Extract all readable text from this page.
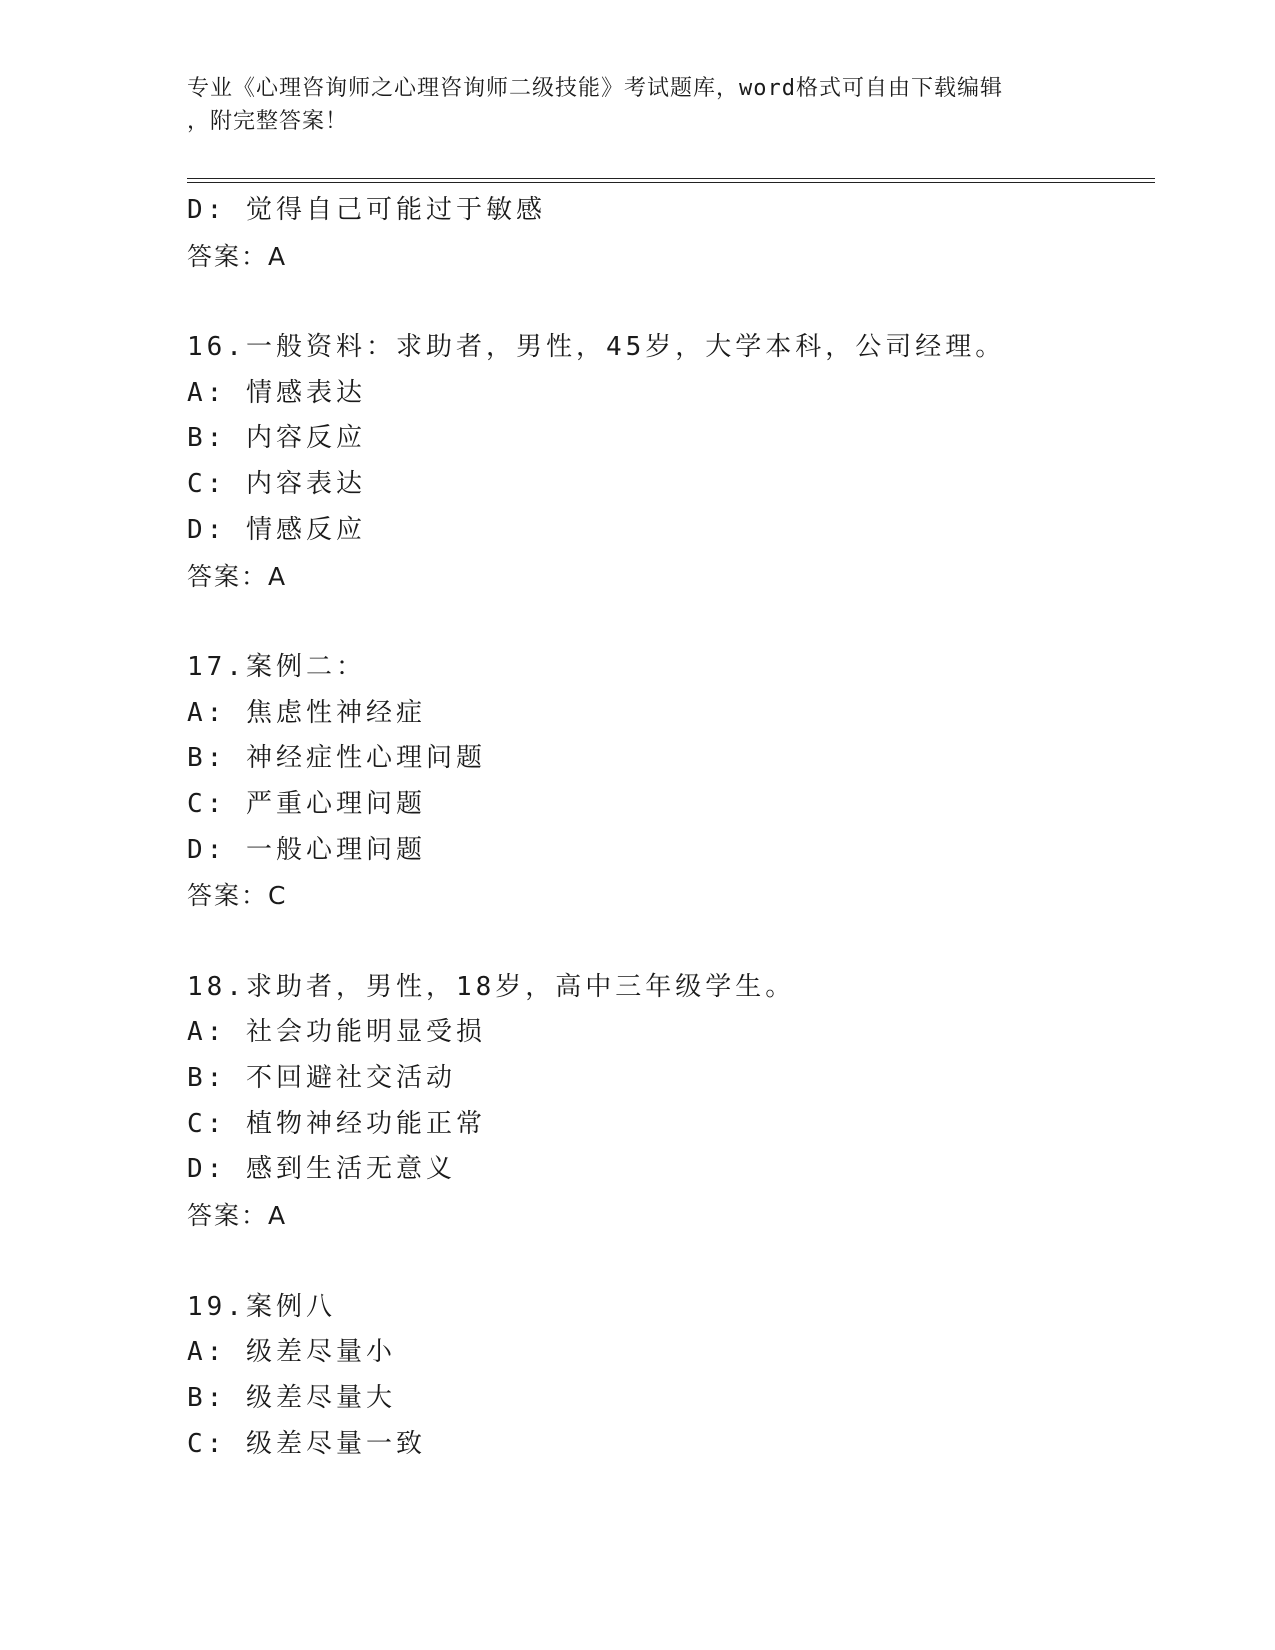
专业《心理咨询师之心理咨询师二级技能》考试题库，word格式可自由下载编辑
，附完整答案！
D: 觉得自己可能过于敏感
答案：A
16.一般资料：求助者，男性，45岁，大学本科，公司经理。
A: 情感表达
B: 内容反应
C: 内容表达
D: 情感反应
答案：A
17.案例二：
A: 焦虑性神经症
B: 神经症性心理问题
C: 严重心理问题
D: 一般心理问题
答案：C
18.求助者，男性，18岁，高中三年级学生。
A: 社会功能明显受损
B: 不回避社交活动
C: 植物神经功能正常
D: 感到生活无意义
答案：A
19.案例八
A: 级差尽量小
B: 级差尽量大
C: 级差尽量一致
